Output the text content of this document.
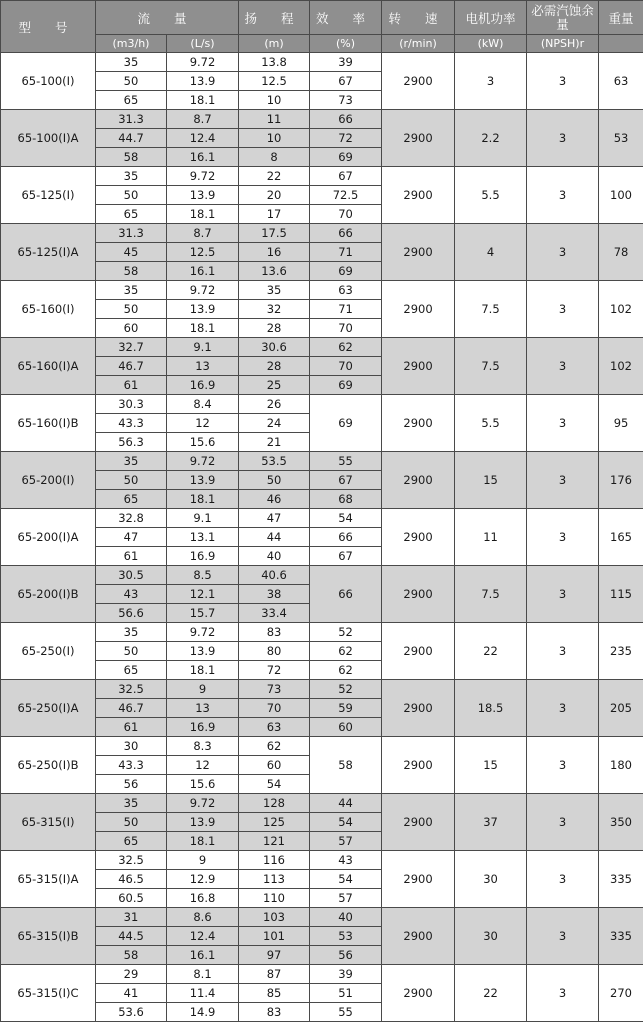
型 号	流 量		扬 程	效 率	转 速	电机功率	必需汽蚀余量	重量
	(m3/h)	(L/s)	(m)	(%)	(r/min)	(kW)	(NPSH)r	
65-100(I)	35	9.72	13.8	39	2900	3	3	63
	50	13.9	12.5	67				
	65	18.1	10	73				
65-100(I)A	31.3	8.7	11	66	2900	2.2	3	53
	44.7	12.4	10	72				
	58	16.1	8	69				
65-125(I)	35	9.72	22	67	2900	5.5	3	100
	50	13.9	20	72.5				
	65	18.1	17	70				
65-125(I)A	31.3	8.7	17.5	66	2900	4	3	78
	45	12.5	16	71				
	58	16.1	13.6	69				
65-160(I)	35	9.72	35	63	2900	7.5	3	102
	50	13.9	32	71				
	60	18.1	28	70				
65-160(I)A	32.7	9.1	30.6	62	2900	7.5	3	102
	46.7	13	28	70				
	61	16.9	25	69				
65-160(I)B	30.3	8.4	26	69	2900	5.5	3	95
	43.3	12	24					
	56.3	15.6	21					
65-200(I)	35	9.72	53.5	55	2900	15	3	176
	50	13.9	50	67				
	65	18.1	46	68				
65-200(I)A	32.8	9.1	47	54	2900	11	3	165
	47	13.1	44	66				
	61	16.9	40	67				
65-200(I)B	30.5	8.5	40.6	66	2900	7.5	3	115
	43	12.1	38					
	56.6	15.7	33.4					
65-250(I)	35	9.72	83	52	2900	22	3	235
	50	13.9	80	62				
	65	18.1	72	62				
65-250(I)A	32.5	9	73	52	2900	18.5	3	205
	46.7	13	70	59				
	61	16.9	63	60				
65-250(I)B	30	8.3	62	58	2900	15	3	180
	43.3	12	60					
	56	15.6	54					
65-315(I)	35	9.72	128	44	2900	37	3	350
	50	13.9	125	54				
	65	18.1	121	57				
65-315(I)A	32.5	9	116	43	2900	30	3	335
	46.5	12.9	113	54				
	60.5	16.8	110	57				
65-315(I)B	31	8.6	103	40	2900	30	3	335
	44.5	12.4	101	53				
	58	16.1	97	56				
65-315(I)C	29	8.1	87	39	2900	22	3	270
	41	11.4	85	51				
	53.6	14.9	83	55				
